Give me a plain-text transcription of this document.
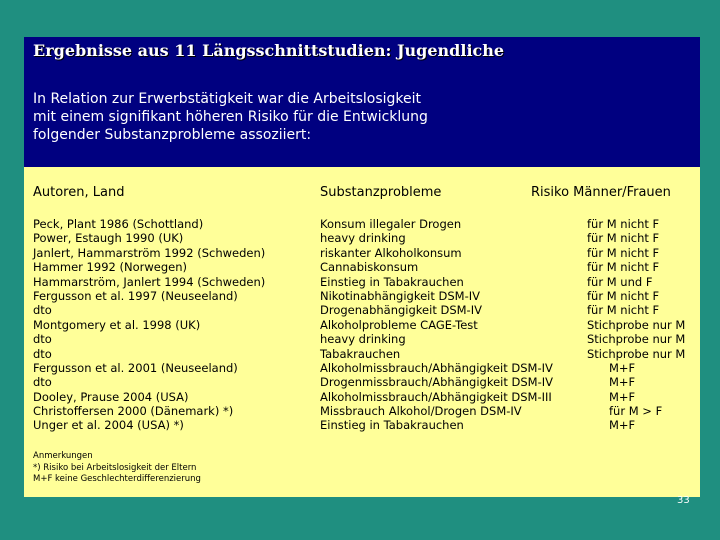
Ergebnisse aus 11 Längsschnittstudien: Jugendliche
In Relation zur Erwerbstätigkeit war die Arbeitslosigkeit
mit einem signifikant höheren Risiko für die Entwicklung
folgender Substanzprobleme assoziiert:
Autoren, Land	Substanzprobleme	Risiko Männer/Frauen
Peck, Plant 1986 (Schottland)	Konsum illegaler Drogen	für M nicht F
Power, Estaugh 1990 (UK)	heavy drinking	für M nicht F
Janlert, Hammarström 1992 (Schweden)	riskanter Alkoholkonsum	für M nicht F
Hammer 1992 (Norwegen)	Cannabiskonsum	für M nicht F
Hammarström, Janlert 1994 (Schweden)	Einstieg in Tabakrauchen	für M und F
Fergusson et al. 1997 (Neuseeland)	Nikotinabhängigkeit DSM-IV	für M nicht F
dto	Drogenabhängigkeit DSM-IV	für M nicht F
Montgomery et al. 1998 (UK)	Alkoholprobleme CAGE-Test	Stichprobe nur M
dto	heavy drinking	Stichprobe nur M
dto	Tabakrauchen	Stichprobe nur M
Fergusson et al. 2001 (Neuseeland)	Alkoholmissbrauch/Abhängigkeit DSM-IV	M+F
dto	Drogenmissbrauch/Abhängigkeit DSM-IV	M+F
Dooley, Prause 2004 (USA)	Alkoholmissbrauch/Abhängigkeit DSM-III	M+F
Christoffersen 2000 (Dänemark) *)	Missbrauch Alkohol/Drogen DSM-IV	für M > F
Unger et al. 2004 (USA) *)	Einstieg in Tabakrauchen	M+F
Anmerkungen
*) Risiko bei Arbeitslosigkeit der Eltern
M+F keine Geschlechterdifferenzierung
33
